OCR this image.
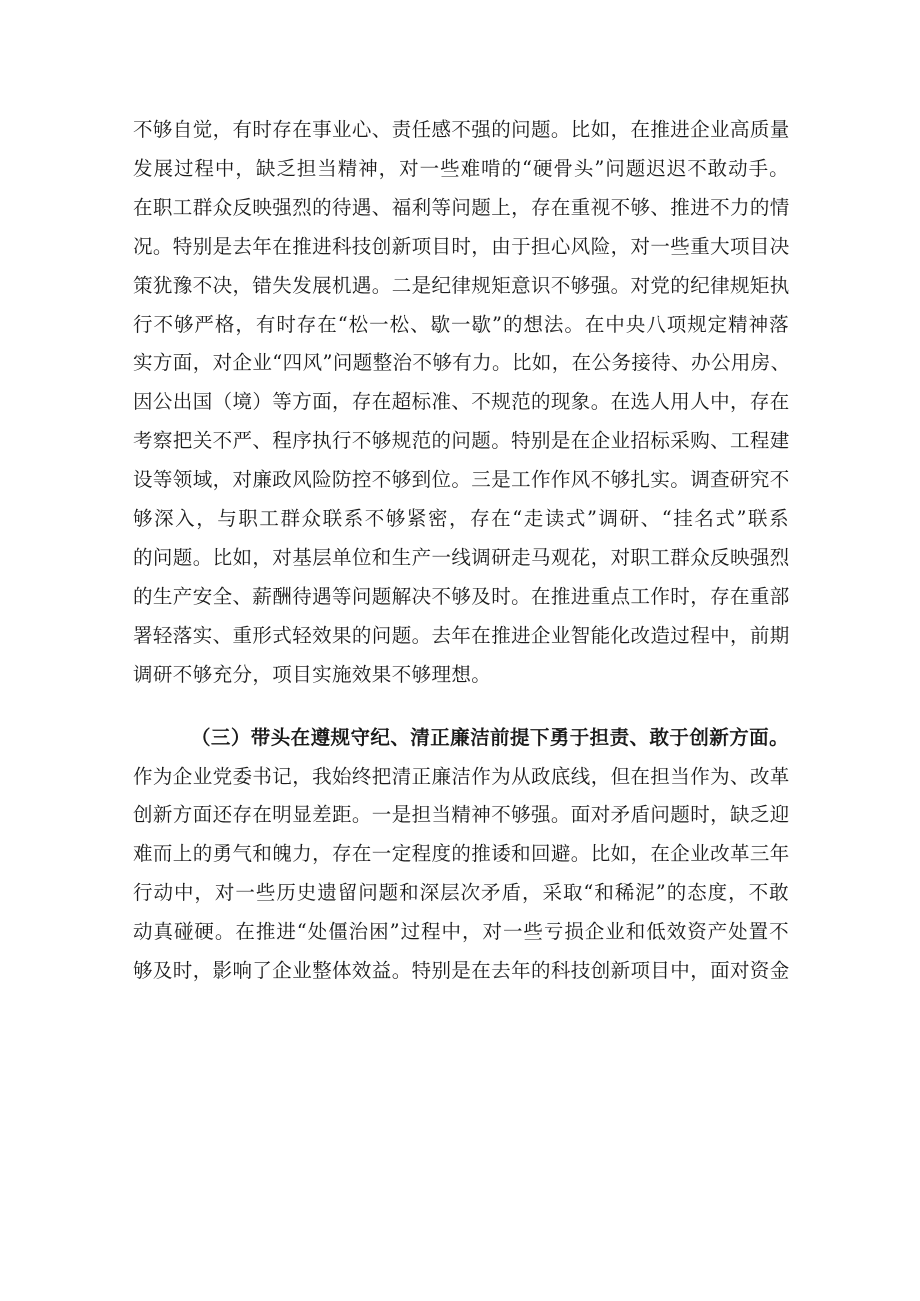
不够自觉，有时存在事业心、责任感不强的问题。比如，在推进企业高质量
发展过程中，缺乏担当精神，对一些难啃的“硬骨头”问题迟迟不敢动手。
在职工群众反映强烈的待遇、福利等问题上，存在重视不够、推进不力的情
况。特别是去年在推进科技创新项目时，由于担心风险，对一些重大项目决
策犹豫不决，错失发展机遇。二是纪律规矩意识不够强。对党的纪律规矩执
行不够严格，有时存在“松一松、歇一歇”的想法。在中央八项规定精神落
实方面，对企业“四风”问题整治不够有力。比如，在公务接待、办公用房、
因公出国（境）等方面，存在超标准、不规范的现象。在选人用人中，存在
考察把关不严、程序执行不够规范的问题。特别是在企业招标采购、工程建
设等领域，对廉政风险防控不够到位。三是工作作风不够扎实。调查研究不
够深入，与职工群众联系不够紧密，存在“走读式”调研、“挂名式”联系
的问题。比如，对基层单位和生产一线调研走马观花，对职工群众反映强烈
的生产安全、薪酬待遇等问题解决不够及时。在推进重点工作时，存在重部
署轻落实、重形式轻效果的问题。去年在推进企业智能化改造过程中，前期
调研不够充分，项目实施效果不够理想。
（三）带头在遵规守纪、清正廉洁前提下勇于担责、敢于创新方面。
作为企业党委书记，我始终把清正廉洁作为从政底线，但在担当作为、改革
创新方面还存在明显差距。一是担当精神不够强。面对矛盾问题时，缺乏迎
难而上的勇气和魄力，存在一定程度的推诿和回避。比如，在企业改革三年
行动中，对一些历史遗留问题和深层次矛盾，采取“和稀泥”的态度，不敢
动真碰硬。在推进“处僵治困”过程中，对一些亏损企业和低效资产处置不
够及时，影响了企业整体效益。特别是在去年的科技创新项目中，面对资金
